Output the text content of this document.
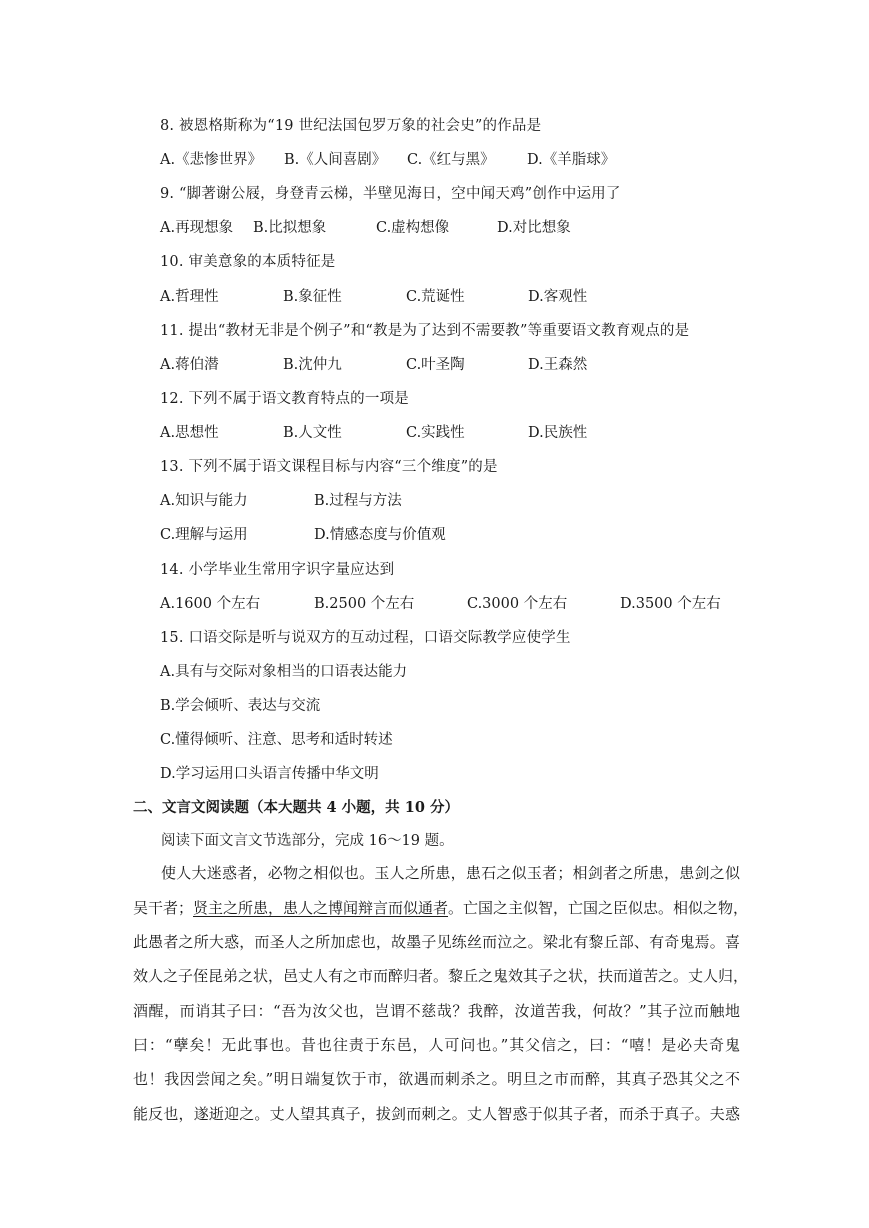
8. 被恩格斯称为“19 世纪法国包罗万象的社会史”的作品是
A.《悲惨世界》 B.《人间喜剧》 C.《红与黑》 D.《羊脂球》
9. “脚著谢公屐，身登青云梯，半壁见海日，空中闻天鸡”创作中运用了
A.再现想象 B.比拟想象	C.虚构想像	D.对比想象
10. 审美意象的本质特征是
A.哲理性	B.象征性	C.荒诞性	D.客观性
11. 提出“教材无非是个例子”和“教是为了达到不需要教”等重要语文教育观点的是
A.蒋伯潜	B.沈仲九	C.叶圣陶	D.王森然
12. 下列不属于语文教育特点的一项是
A.思想性	B.人文性	C.实践性	D.民族性
13. 下列不属于语文课程目标与内容“三个维度”的是
A.知识与能力	B.过程与方法
C.理解与运用	D.情感态度与价值观
14. 小学毕业生常用字识字量应达到
A.1600 个左右	B.2500 个左右	C.3000 个左右	D.3500 个左右
15. 口语交际是听与说双方的互动过程，口语交际教学应使学生
A.具有与交际对象相当的口语表达能力
B.学会倾听、表达与交流
C.懂得倾听、注意、思考和适时转述
D.学习运用口头语言传播中华文明
二、文言文阅读题（本大题共 4 小题，共 10 分）
阅读下面文言文节选部分，完成 16～19 题。
使人大迷惑者，必物之相似也。玉人之所患，患石之似玉者；相剑者之所患，患剑之似
吴干者；贤主之所患，患人之博闻辩言而似通者。亡国之主似智，亡国之臣似忠。相似之物，
此愚者之所大惑，而圣人之所加虑也，故墨子见练丝而泣之。梁北有黎丘部、有奇鬼焉。喜
效人之子侄昆弟之状，邑丈人有之市而醉归者。黎丘之鬼效其子之状，扶而道苦之。丈人归，
酒醒，而诮其子曰：“吾为汝父也，岂谓不慈哉？我醉，汝道苦我，何故？”其子泣而触地
曰：“孽矣！无此事也。昔也往责于东邑，人可问也。”其父信之，曰：“嘻！是必夫奇鬼
也！我因尝闻之矣。”明日端复饮于市，欲遇而刺杀之。明旦之市而醉，其真子恐其父之不
能反也，遂逝迎之。丈人望其真子，拔剑而刺之。丈人智惑于似其子者，而杀于真子。夫惑
